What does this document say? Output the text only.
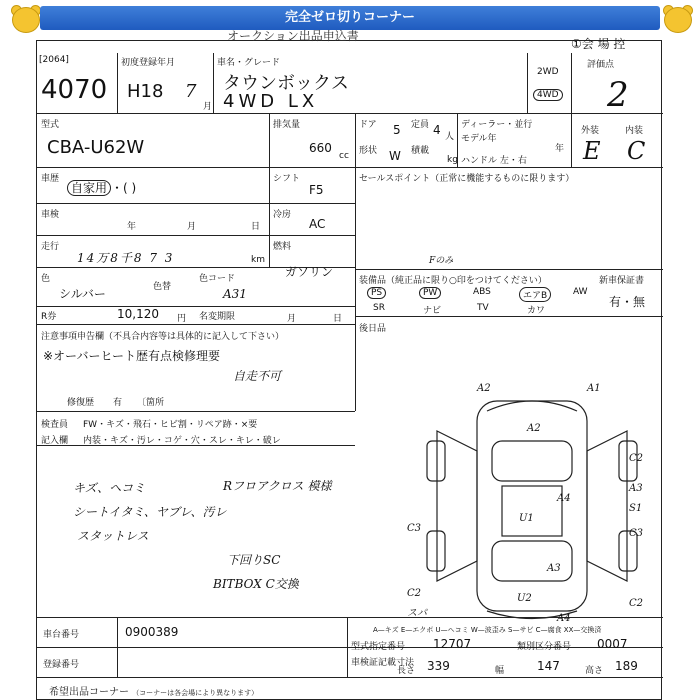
完全ゼロ切りコーナー
オークション出品申込書
①会 場 控
[2064]
4070
初度登録年月
H18 7
月
車名・グレード
タウンボックス
4WD LX
2WD
4WD
評価点
2
外装	内装
E C
型式
CBA-U62W
排気量
660
cc
ドア 5 定員 4 人
形状 W 積載
kg
ディーラー・並行
モデル年
年
ハンドル 左・右
車歴
自家用 ・( )
シフト
F5
セールスポイント（正常に機能するものに限ります）
車検
年	月	日
冷房
AC
走行
14万8千8 7 3	km
燃料
ガソリン
色
シルバー	色替
色コード
A31
Fのみ
装備品（純正品に限り○印をつけてください）	新車保証書
有・無
PS	PW	ABS	エアB	AW
SR	ナビ	TV	カワ
後日品
R券	10,120 円 名変期限	月	日
注意事項申告欄（不具合内容等は具体的に記入して下さい）
※オーバーヒート歴有点検修理要
自走不可
修復歴 有 〔箇所
検査員 FW・キズ・飛石・ヒビ割・リペア跡・×要
記入欄 内装・キズ・汚レ・コゲ・穴・スレ・キレ・破レ
キズ、ヘコミ
シートイタミ、ヤブレ、汚レ
スタットレス
Rフロアクロス 模様
下回りSC
BITBOX C交換
A2	A1
A2
C2
A4
A3
S1
U1
C3	C3
A3
C2	U2	C2
A4
スパ
A—キズ E—エクボ U—ヘコミ W—波歪み S—サビ C—腐食 XX—交換済
車台番号	0900389
登録番号
型式指定番号 12707	類別区分番号 0007
車検証記載寸法
長さ 339	幅	147	高さ 189
希望出品コーナー （コーナーは各会場により異なります）
